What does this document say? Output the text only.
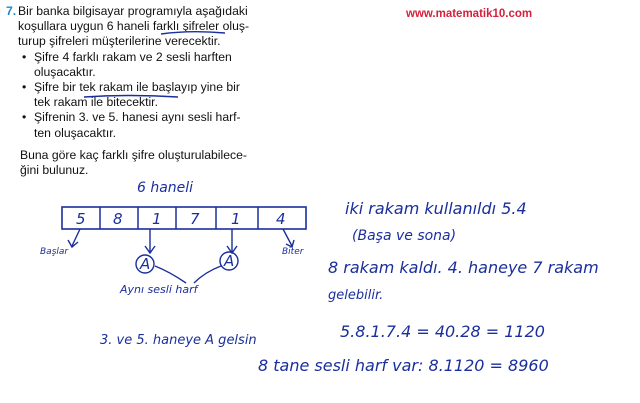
7. Bir banka bilgisayar programıyla aşağıdaki
koşullara uygun 6 haneli farklı şifreler oluş-
turup şifreleri müşterilerine verecektir.
• Şifre 4 farklı rakam ve 2 sesli harften
oluşacaktır.
• Şifre bir tek rakam ile başlayıp yine bir
tek rakam ile bitecektir.
• Şifrenin 3. ve 5. hanesi aynı sesli harf-
ten oluşacaktır.
Buna göre kaç farklı şifre oluşturulabilece-
ğini bulunuz.
www.matematik10.com
5 8 1 7 1 4
A	A
6 haneli
Başlar	Biter
Aynı sesli harf
iki rakam kullanıldı 5.4
(Başa ve sona)
8 rakam kaldı. 4. haneye 7 rakam
gelebilir.
3. ve 5. haneye A gelsin	5.8.1.7.4 = 40.28 = 1120
8 tane sesli harf var: 8.1120 = 8960
